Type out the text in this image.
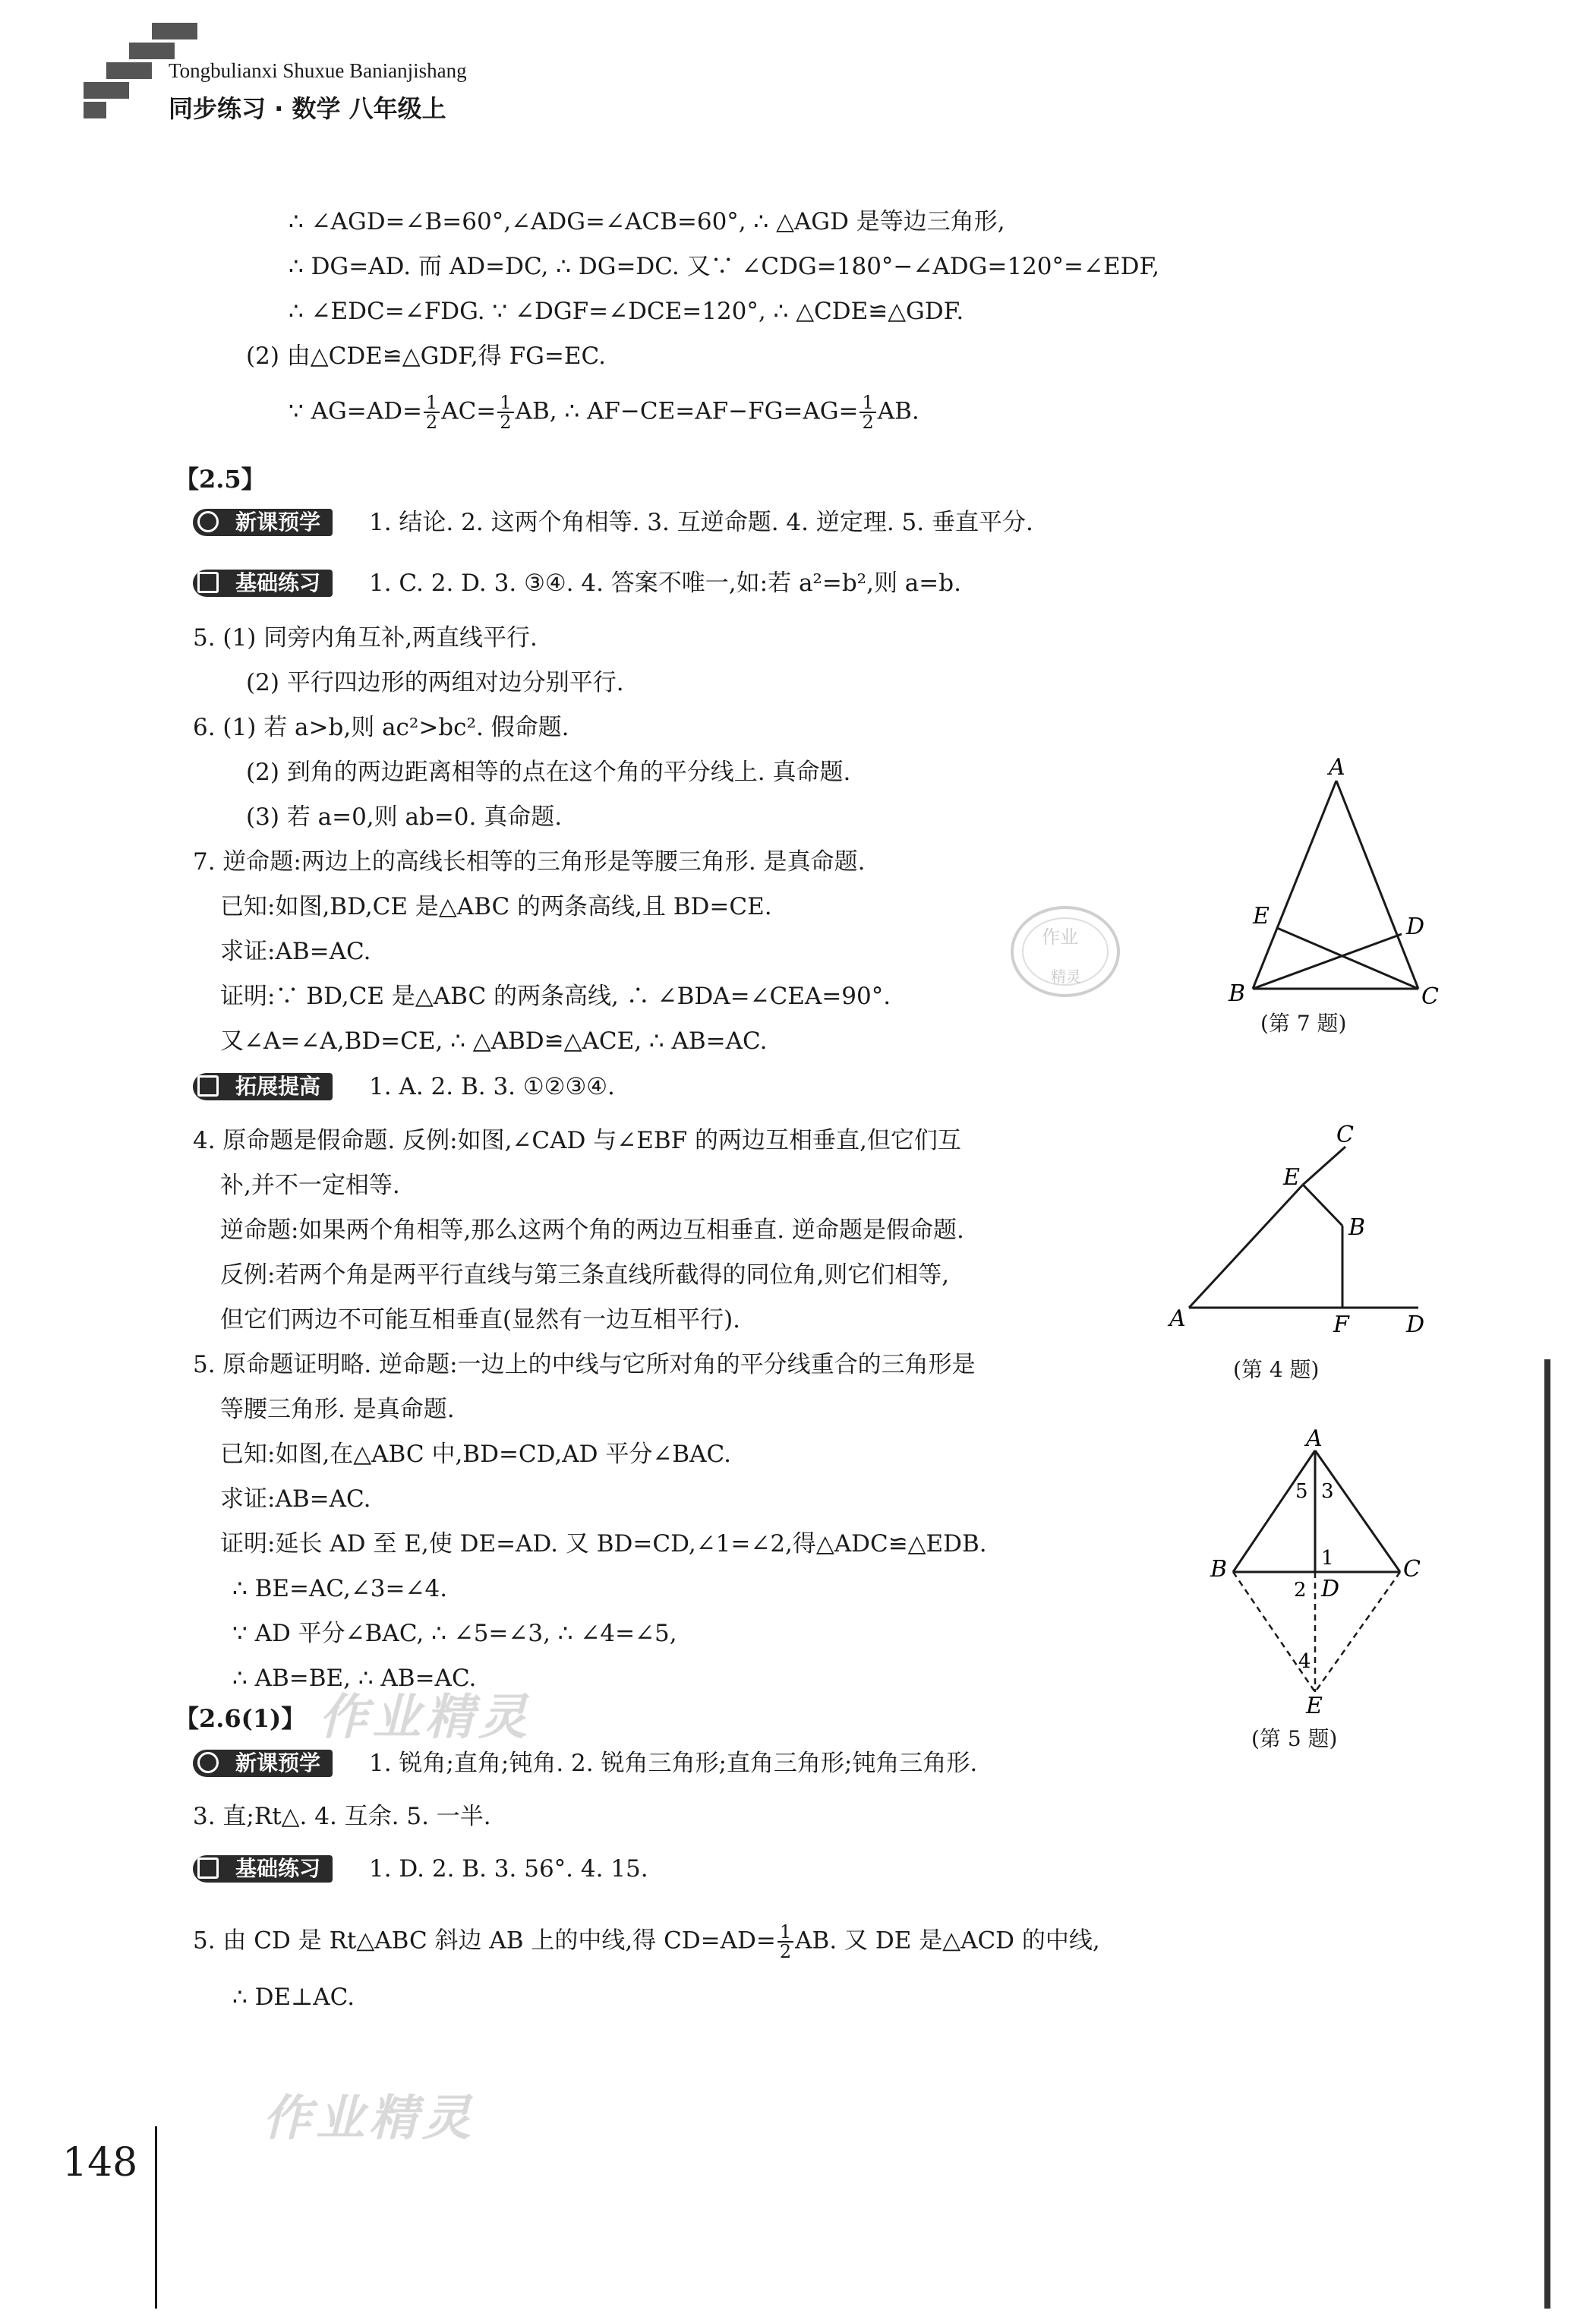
Tongbulianxi Shuxue Banianjishang
同步练习 · 数学 八年级上
∴ ∠AGD=∠B=60°,∠ADG=∠ACB=60°, ∴ △AGD 是等边三角形,
∴ DG=AD. 而 AD=DC, ∴ DG=DC. 又∵ ∠CDG=180°−∠ADG=120°=∠EDF,
∴ ∠EDC=∠FDG. ∵ ∠DGF=∠DCE=120°, ∴ △CDE≌△GDF.
(2) 由△CDE≌△GDF,得 FG=EC.
∵ $AG=AD= \frac{1}{2} AC= \frac{1}{2}$ AB, ∴ $AF-CE=AF-FG=AG= \frac{1}{2}$ AB.
【2.5】
新课预学	1. 结论. 2. 这两个角相等. 3. 互逆命题. 4. 逆定理. 5. 垂直平分.
基础练习	1. C. 2. D. 3. ③④. 4. 答案不唯一,如:若 a²=b²,则 a=b.
5. (1) 同旁内角互补,两直线平行.
(2) 平行四边形的两组对边分别平行.
6. (1) 若 a>b,则 ac²>bc². 假命题.
(2) 到角的两边距离相等的点在这个角的平分线上. 真命题.
(3) 若 a=0,则 ab=0. 真命题.
7. 逆命题:两边上的高线长相等的三角形是等腰三角形. 是真命题.
已知:如图,BD,CE 是△ABC 的两条高线,且 BD=CE.
求证:AB=AC.
证明:∵ BD,CE 是△ABC 的两条高线, ∴ ∠BDA=∠CEA=90°.
又∠A=∠A,BD=CE, ∴ △ABD≌△ACE, ∴ AB=AC.
A
B	C
D
E
(第 7 题)
作业
精灵
拓展提高	1. A. 2. B. 3. ①②③④.
4. 原命题是假命题. 反例:如图,∠CAD 与∠EBF 的两边互相垂直,但它们互
补,并不一定相等.
逆命题:如果两个角相等,那么这两个角的两边互相垂直. 逆命题是假命题.
反例:若两个角是两平行直线与第三条直线所截得的同位角,则它们相等,
但它们两边不可能互相垂直(显然有一边互相平行).	A
B
C
D
E
F
(第 4 题)
5. 原命题证明略. 逆命题:一边上的中线与它所对角的平分线重合的三角形是
等腰三角形. 是真命题.
已知:如图,在△ABC 中,BD=CD,AD 平分∠BAC.
求证:AB=AC.
证明:延长 AD 至 E,使 DE=AD. 又 BD=CD,∠1=∠2,得△ADC≌△EDB.
∴ BE=AC,∠3=∠4.
∵ AD 平分∠BAC, ∴ ∠5=∠3, ∴ ∠4=∠5,
∴ AB=BE, ∴ AB=AC.
A
B	C
D
E
1
2
3
4
5
(第 5 题)
作业精灵
【2.6(1)】
新课预学	1. 锐角;直角;钝角. 2. 锐角三角形;直角三角形;钝角三角形.
3. 直;Rt△. 4. 互余. 5. 一半.
基础练习	1. D. 2. B. 3. 56°. 4. 15.
5. 由 CD 是 Rt△ABC 斜边 AB 上的中线,得 $CD=AD= \frac{1}{2}$ AB. 又 DE 是△ACD 的中线,
∴ DE⊥AC.
作业精灵
148
